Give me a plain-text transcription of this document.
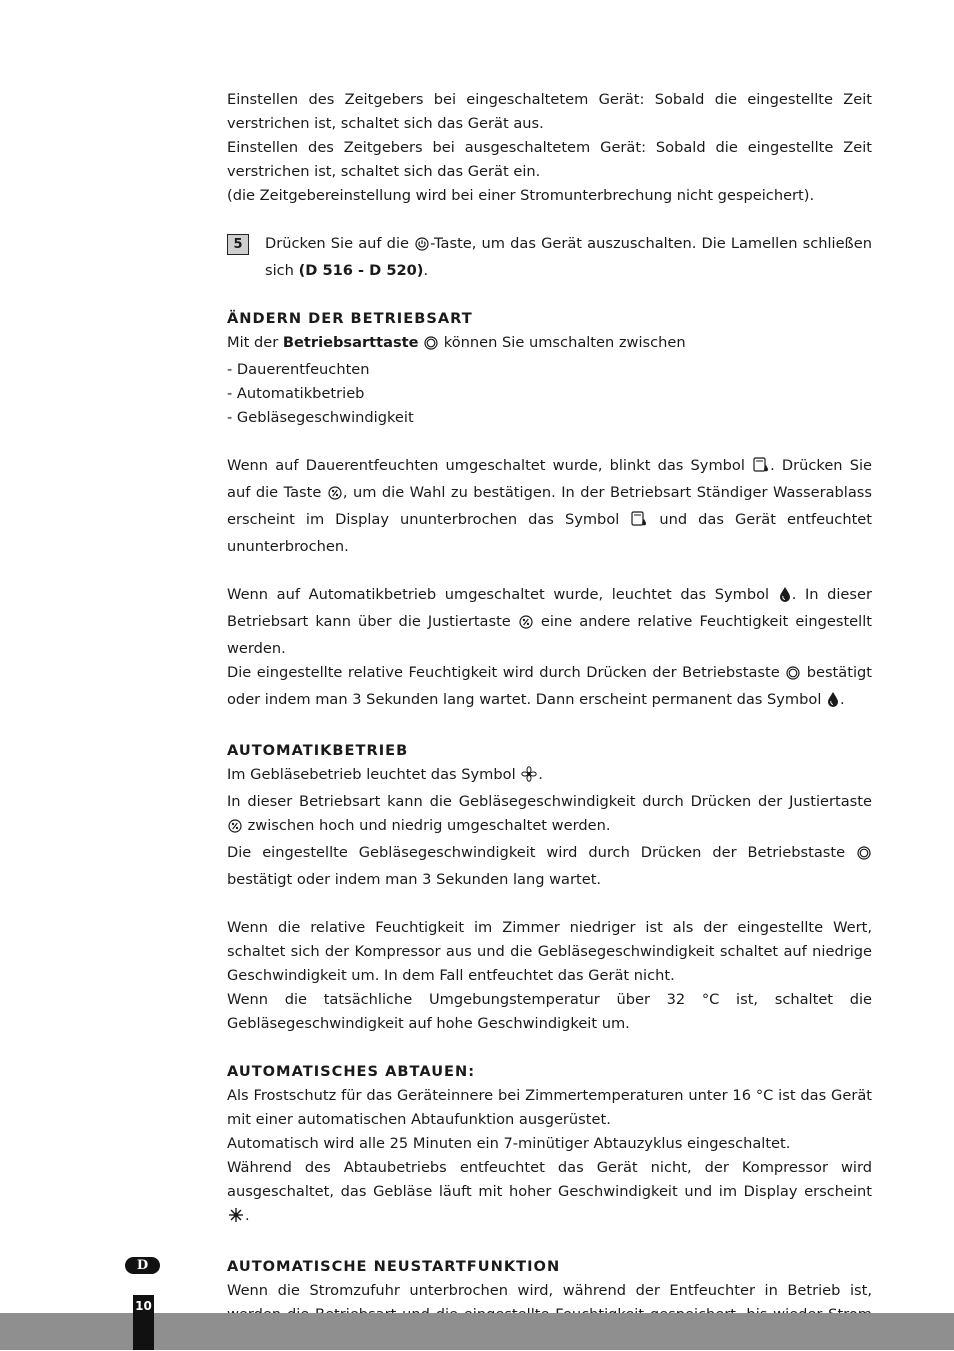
Einstellen des Zeitgebers bei eingeschaltetem Gerät: Sobald die eingestellte Zeit verstrichen ist, schaltet sich das Gerät aus.

Einstellen des Zeitgebers bei ausgeschaltetem Gerät: Sobald die eingestellte Zeit verstrichen ist, schaltet sich das Gerät ein.

(die Zeitgebereinstellung wird bei einer Stromunterbrechung nicht gespeichert).

5	Drücken Sie auf die -Taste, um das Gerät auszuschalten. Die Lamellen schließen sich (D 516 - D 520).

ÄNDERN DER BETRIEBSART

Mit der Betriebsarttaste  können Sie umschalten zwischen

- Dauerentfeuchten

- Automatikbetrieb

- Gebläsegeschwindigkeit

Wenn auf Dauerentfeuchten umgeschaltet wurde, blinkt das Symbol . Drücken Sie auf die Taste , um die Wahl zu bestätigen. In der Betriebsart Ständiger Wasserablass erscheint im Display ununterbrochen das Symbol  und das Gerät entfeuchtet ununterbrochen.

Wenn auf Automatikbetrieb umgeschaltet wurde, leuchtet das Symbol . In dieser Betriebsart kann über die Justiertaste  eine andere relative Feuchtigkeit eingestellt werden.

Die eingestellte relative Feuchtigkeit wird durch Drücken der Betriebstaste  bestätigt oder indem man 3 Sekunden lang wartet. Dann erscheint permanent das Symbol .

AUTOMATIKBETRIEB

Im Gebläsebetrieb leuchtet das Symbol .

In dieser Betriebsart kann die Gebläsegeschwindigkeit durch Drücken der Justiertaste  zwischen hoch und niedrig umgeschaltet werden.

Die eingestellte Gebläsegeschwindigkeit wird durch Drücken der Betriebstaste  bestätigt oder indem man 3 Sekunden lang wartet.

Wenn die relative Feuchtigkeit im Zimmer niedriger ist als der eingestellte Wert, schaltet sich der Kompressor aus und die Gebläsegeschwindigkeit schaltet auf niedrige Geschwindigkeit um. In dem Fall entfeuchtet das Gerät nicht.

Wenn die tatsächliche Umgebungstemperatur über 32 °C ist, schaltet die Gebläsegeschwindigkeit auf hohe Geschwindigkeit um.

AUTOMATISCHES ABTAUEN:

Als Frostschutz für das Geräteinnere bei Zimmertemperaturen unter 16 °C ist das Gerät mit einer automatischen Abtaufunktion ausgerüstet.

Automatisch wird alle 25 Minuten ein 7-minütiger Abtauzyklus eingeschaltet.

Während des Abtaubetriebs entfeuchtet das Gerät nicht, der Kompressor wird ausgeschaltet, das Gebläse läuft mit hoher Geschwindigkeit und im Display erscheint .

AUTOMATISCHE NEUSTARTFUNKTION

Wenn die Stromzufuhr unterbrochen wird, während der Entfeuchter in Betrieb ist,

D
10
